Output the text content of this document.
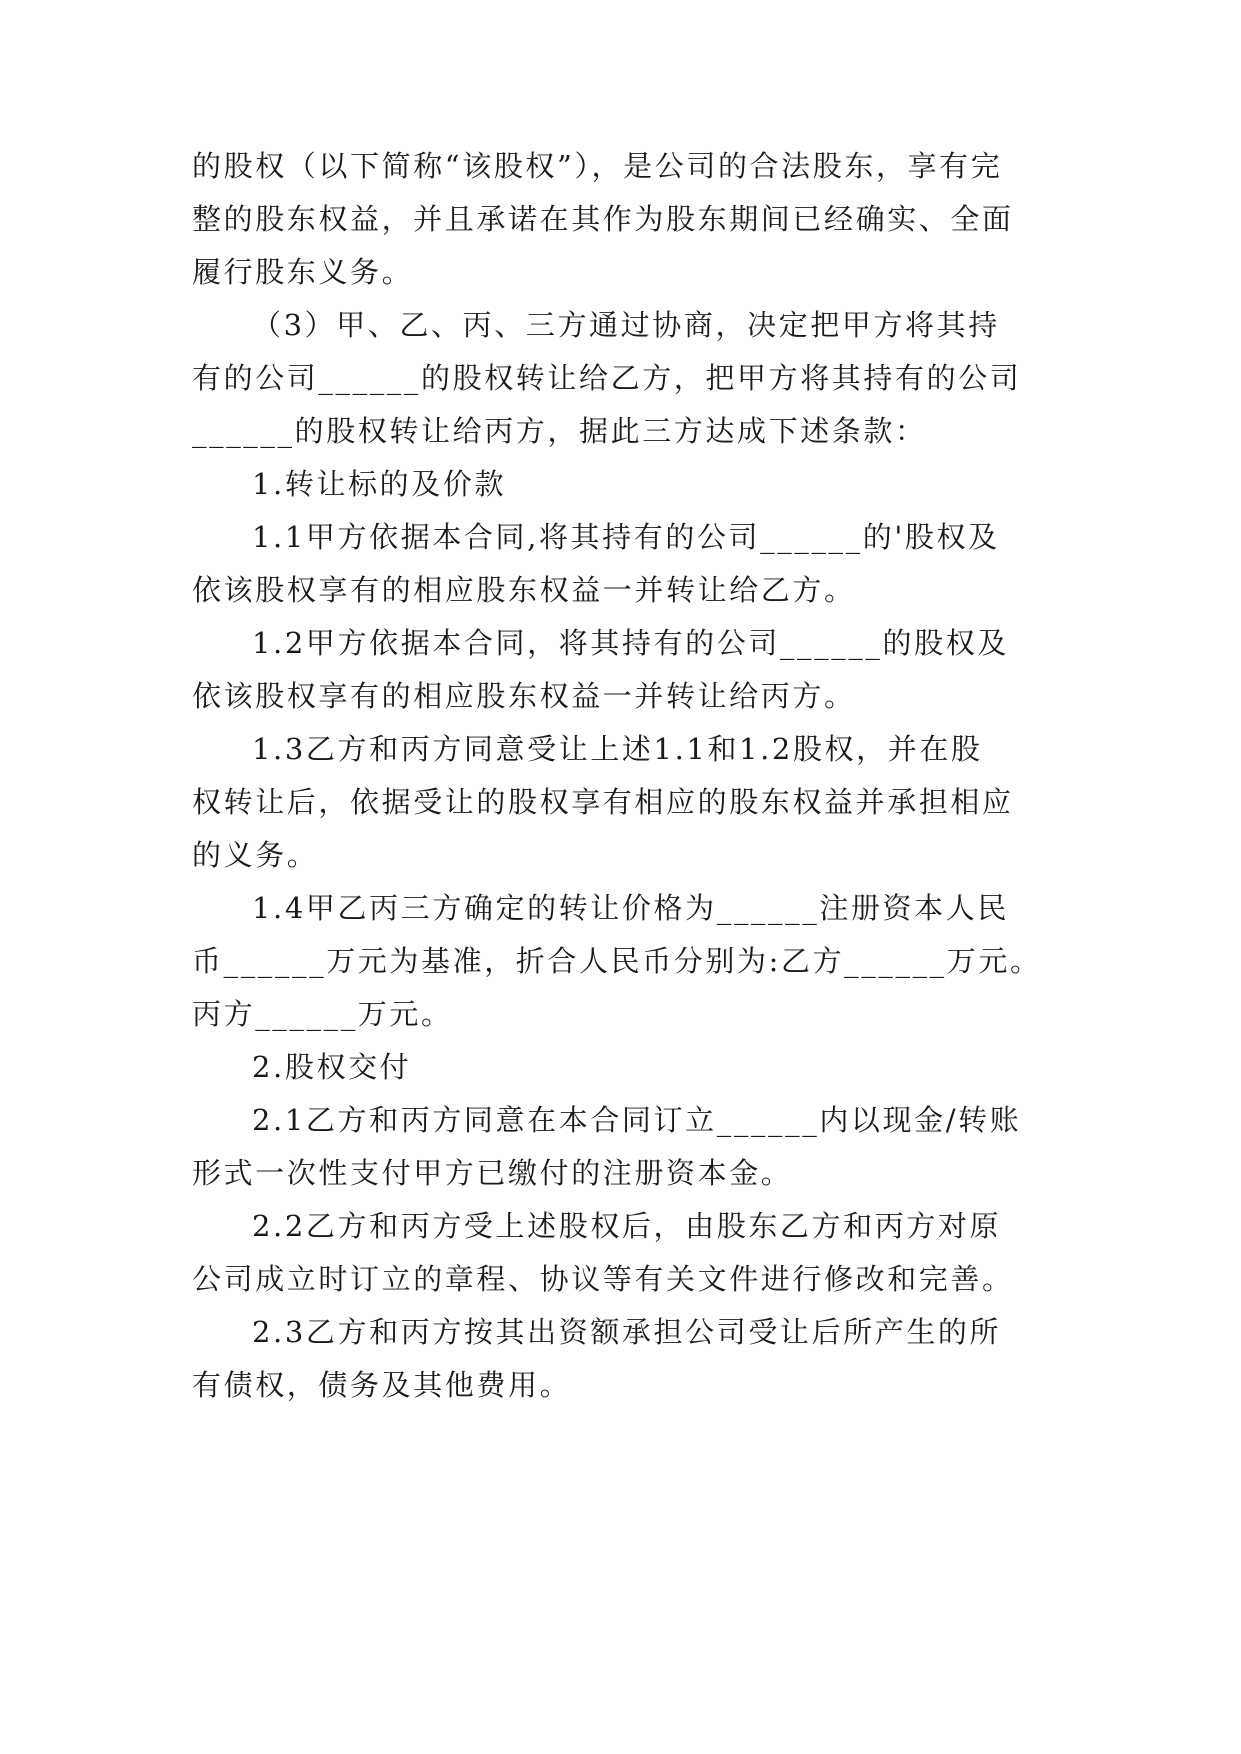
的股权（以下简称“该股权”），是公司的合法股东，享有完
整的股东权益，并且承诺在其作为股东期间已经确实、全面
履行股东义务。
（3）甲、乙、丙、三方通过协商，决定把甲方将其持
有的公司______的股权转让给乙方，把甲方将其持有的公司
______的股权转让给丙方，据此三方达成下述条款：
1.转让标的及价款
1.1甲方依据本合同,将其持有的公司______的'股权及
依该股权享有的相应股东权益一并转让给乙方。
1.2甲方依据本合同，将其持有的公司______的股权及
依该股权享有的相应股东权益一并转让给丙方。
1.3乙方和丙方同意受让上述1.1和1.2股权，并在股
权转让后，依据受让的股权享有相应的股东权益并承担相应
的义务。
1.4甲乙丙三方确定的转让价格为______注册资本人民
币______万元为基准，折合人民币分别为:乙方______万元。
丙方______万元。
2.股权交付
2.1乙方和丙方同意在本合同订立______内以现金/转账
形式一次性支付甲方已缴付的注册资本金。
2.2乙方和丙方受上述股权后，由股东乙方和丙方对原
公司成立时订立的章程、协议等有关文件进行修改和完善。
2.3乙方和丙方按其出资额承担公司受让后所产生的所
有债权，债务及其他费用。
